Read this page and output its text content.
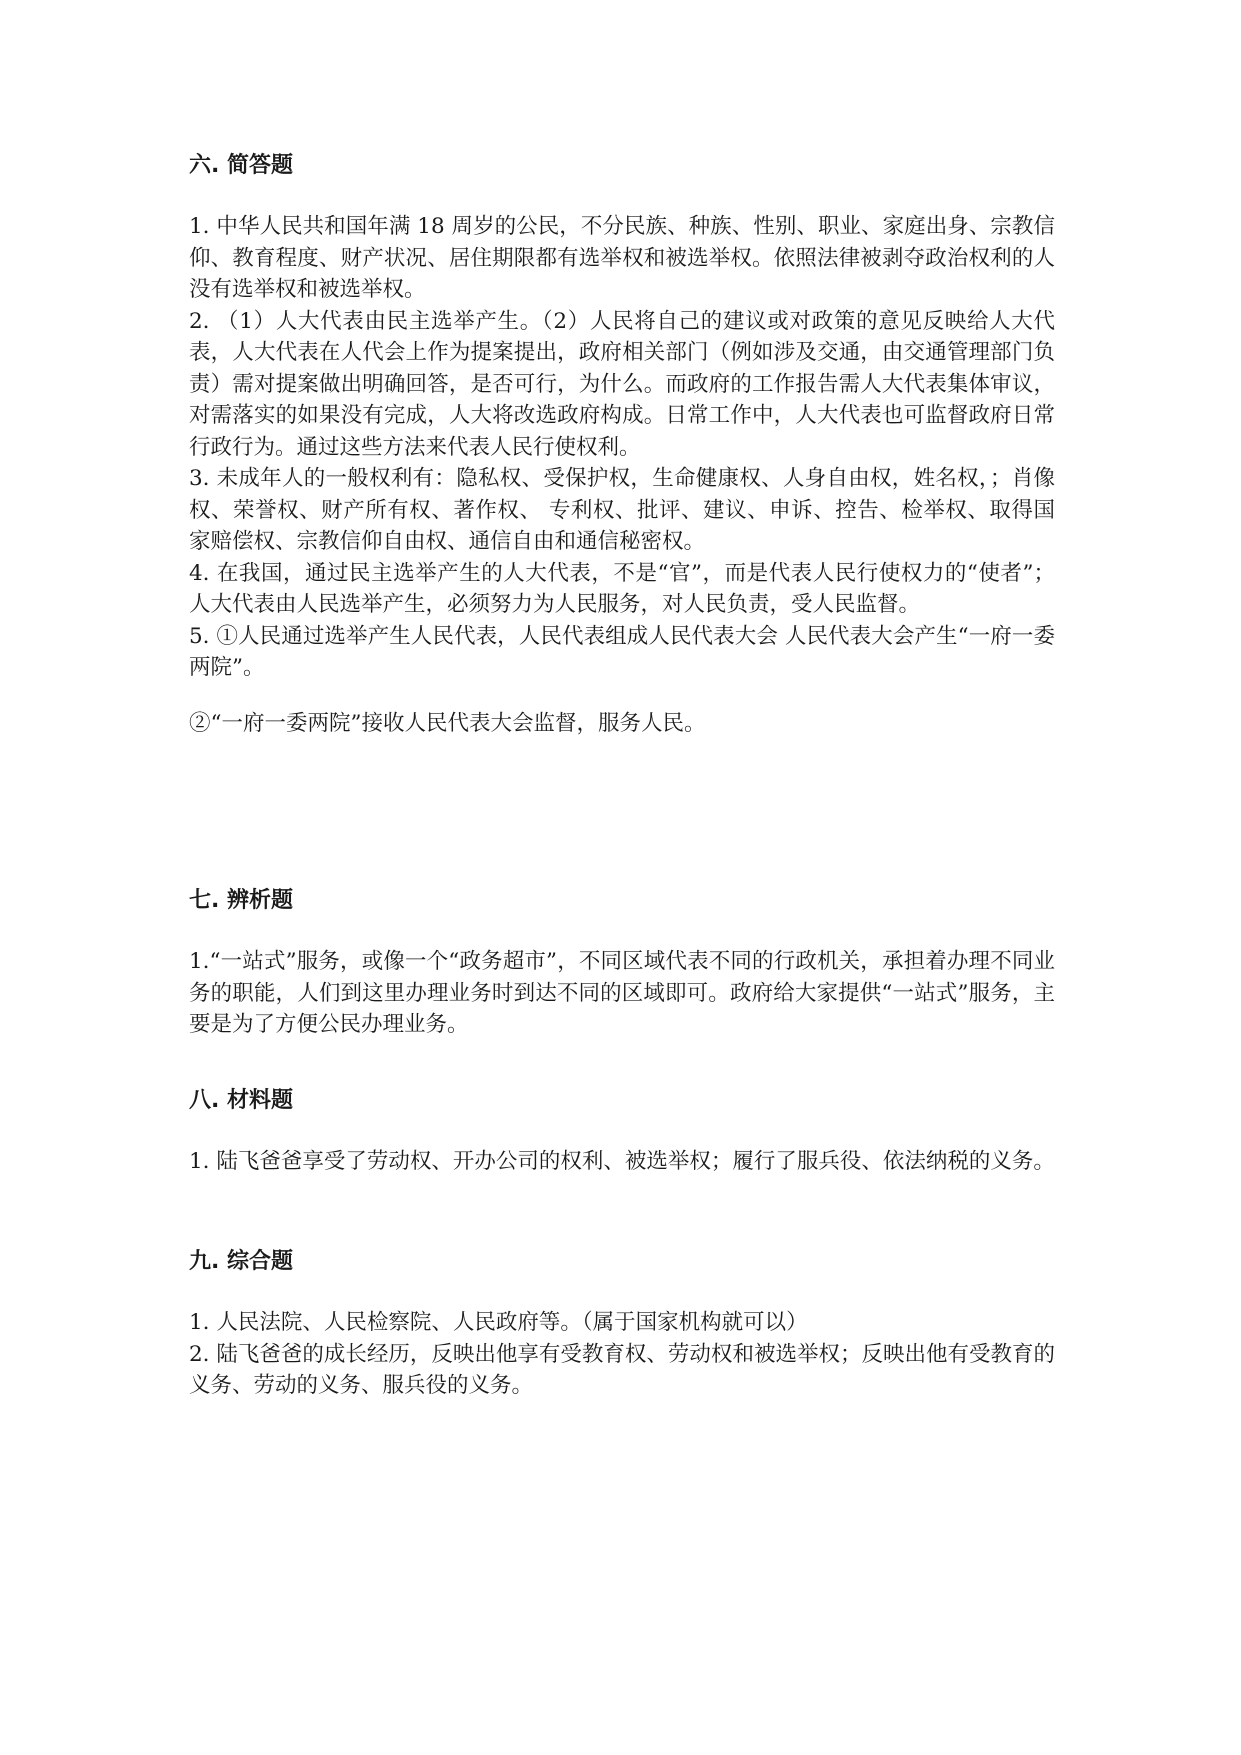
六. 简答题

1. 中华人民共和国年满 18 周岁的公民，不分民族、种族、性别、职业、家庭出身、宗教信仰、教育程度、财产状况、居住期限都有选举权和被选举权。依照法律被剥夺政治权利的人没有选举权和被选举权。

2. （1）人大代表由民主选举产生。（2）人民将自己的建议或对政策的意见反映给人大代表，人大代表在人代会上作为提案提出，政府相关部门（例如涉及交通，由交通管理部门负责）需对提案做出明确回答，是否可行，为什么。而政府的工作报告需人大代表集体审议，对需落实的如果没有完成，人大将改选政府构成。日常工作中，人大代表也可监督政府日常行政行为。通过这些方法来代表人民行使权利。

3. 未成年人的一般权利有：隐私权、受保护权，生命健康权、人身自由权，姓名权，；肖像权、荣誉权、财产所有权、著作权、 专利权、批评、建议、申诉、控告、检举权、取得国家赔偿权、宗教信仰自由权、通信自由和通信秘密权。

4. 在我国，通过民主选举产生的人大代表，不是“官”，而是代表人民行使权力的“使者”；人大代表由人民选举产生，必须努力为人民服务，对人民负责，受人民监督。

5. ①人民通过选举产生人民代表，人民代表组成人民代表大会 人民代表大会产生“一府一委两院”。

②“一府一委两院”接收人民代表大会监督，服务人民。

七. 辨析题

1.“一站式”服务，或像一个“政务超市”，不同区域代表不同的行政机关，承担着办理不同业务的职能，人们到这里办理业务时到达不同的区域即可。政府给大家提供“一站式”服务，主要是为了方便公民办理业务。

八. 材料题

1. 陆飞爸爸享受了劳动权、开办公司的权利、被选举权；履行了服兵役、依法纳税的义务。

九. 综合题

1. 人民法院、人民检察院、人民政府等。（属于国家机构就可以）

2. 陆飞爸爸的成长经历，反映出他享有受教育权、劳动权和被选举权；反映出他有受教育的义务、劳动的义务、服兵役的义务。
